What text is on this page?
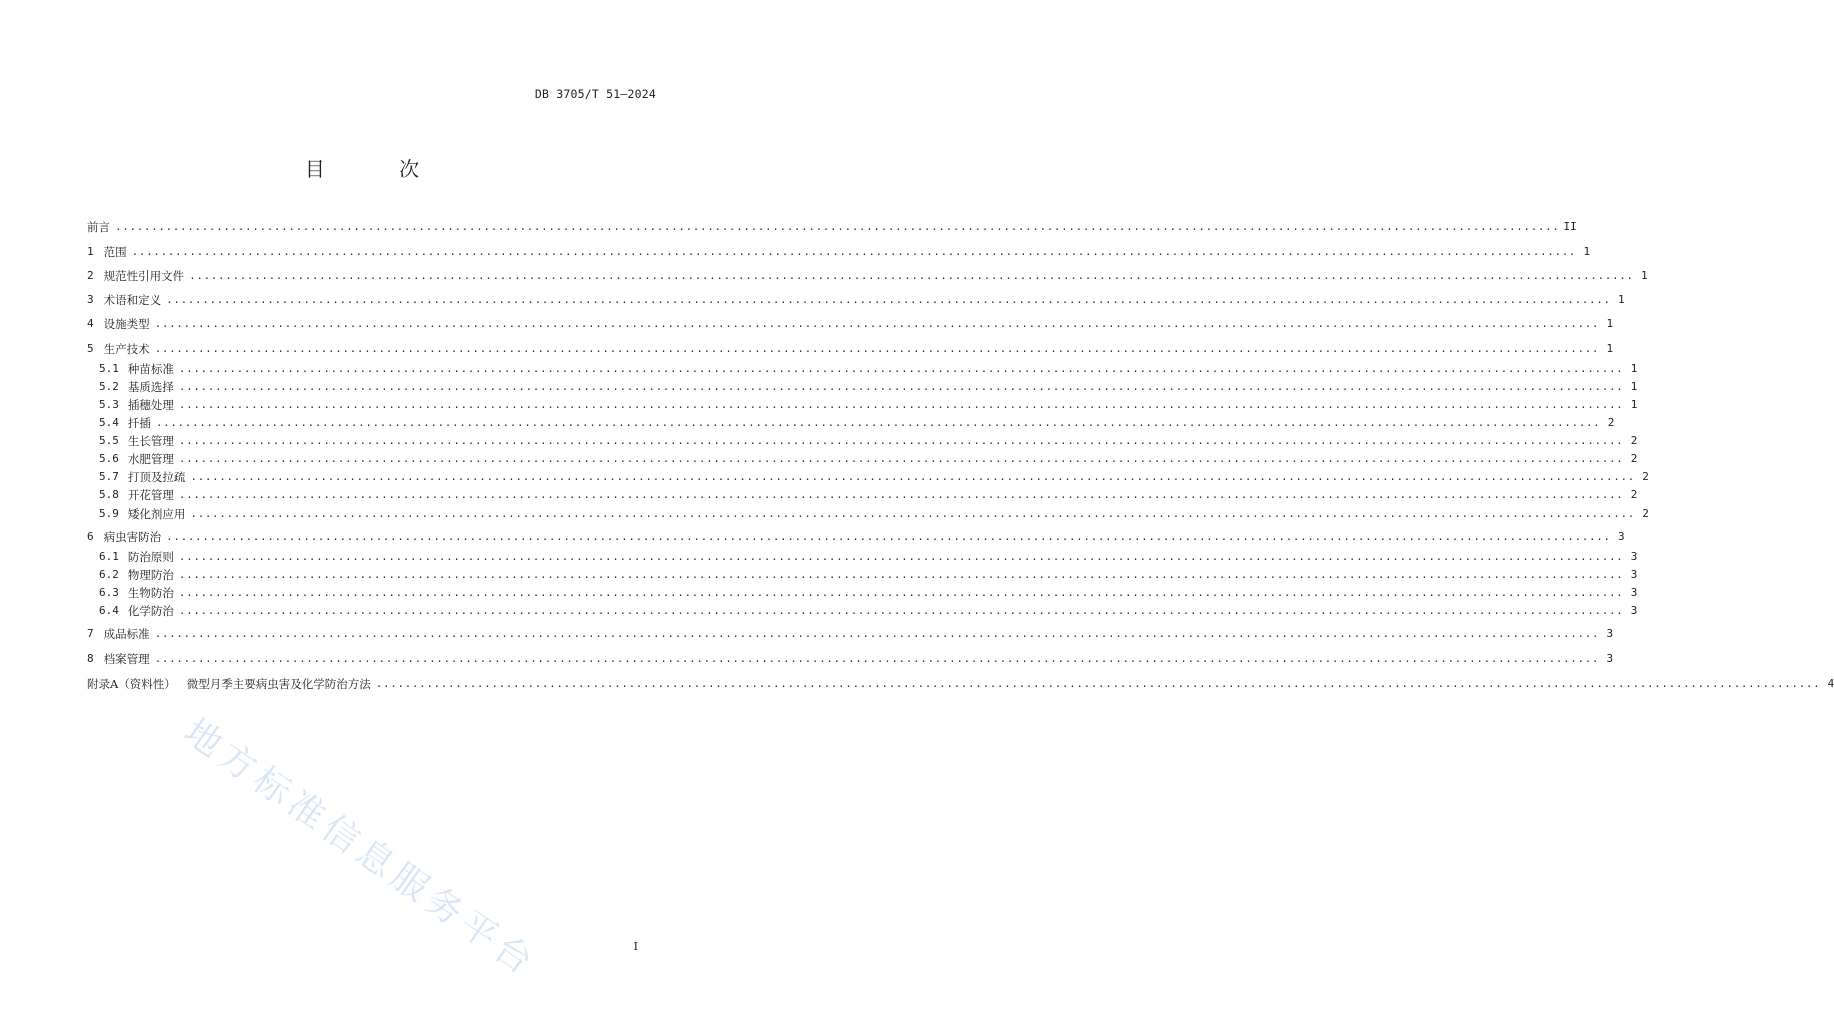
DB 3705/T 51—2024
目 次
前言 ........................................................................................................................................................................................................ II
1 范围 ........................................................................................................................................................................................................ 1
2 规范性引用文件 ........................................................................................................................................................................................................ 1
3 术语和定义 ........................................................................................................................................................................................................ 1
4 设施类型 ........................................................................................................................................................................................................ 1
5 生产技术 ........................................................................................................................................................................................................ 1
5.1 种苗标准 ........................................................................................................................................................................................................ 1
5.2 基质选择 ........................................................................................................................................................................................................ 1
5.3 插穗处理 ........................................................................................................................................................................................................ 1
5.4 扦插 ........................................................................................................................................................................................................ 2
5.5 生长管理 ........................................................................................................................................................................................................ 2
5.6 水肥管理 ........................................................................................................................................................................................................ 2
5.7 打顶及拉疏 ........................................................................................................................................................................................................ 2
5.8 开花管理 ........................................................................................................................................................................................................ 2
5.9 矮化剂应用 ........................................................................................................................................................................................................ 2
6 病虫害防治 ........................................................................................................................................................................................................ 3
6.1 防治原则 ........................................................................................................................................................................................................ 3
6.2 物理防治 ........................................................................................................................................................................................................ 3
6.3 生物防治 ........................................................................................................................................................................................................ 3
6.4 化学防治 ........................................................................................................................................................................................................ 3
7 成品标准 ........................................................................................................................................................................................................ 3
8 档案管理 ........................................................................................................................................................................................................ 3
附录A（资料性）   微型月季主要病虫害及化学防治方法 ........................................................................................................................................................................................................ 4
地方标准信息服务平台	I
